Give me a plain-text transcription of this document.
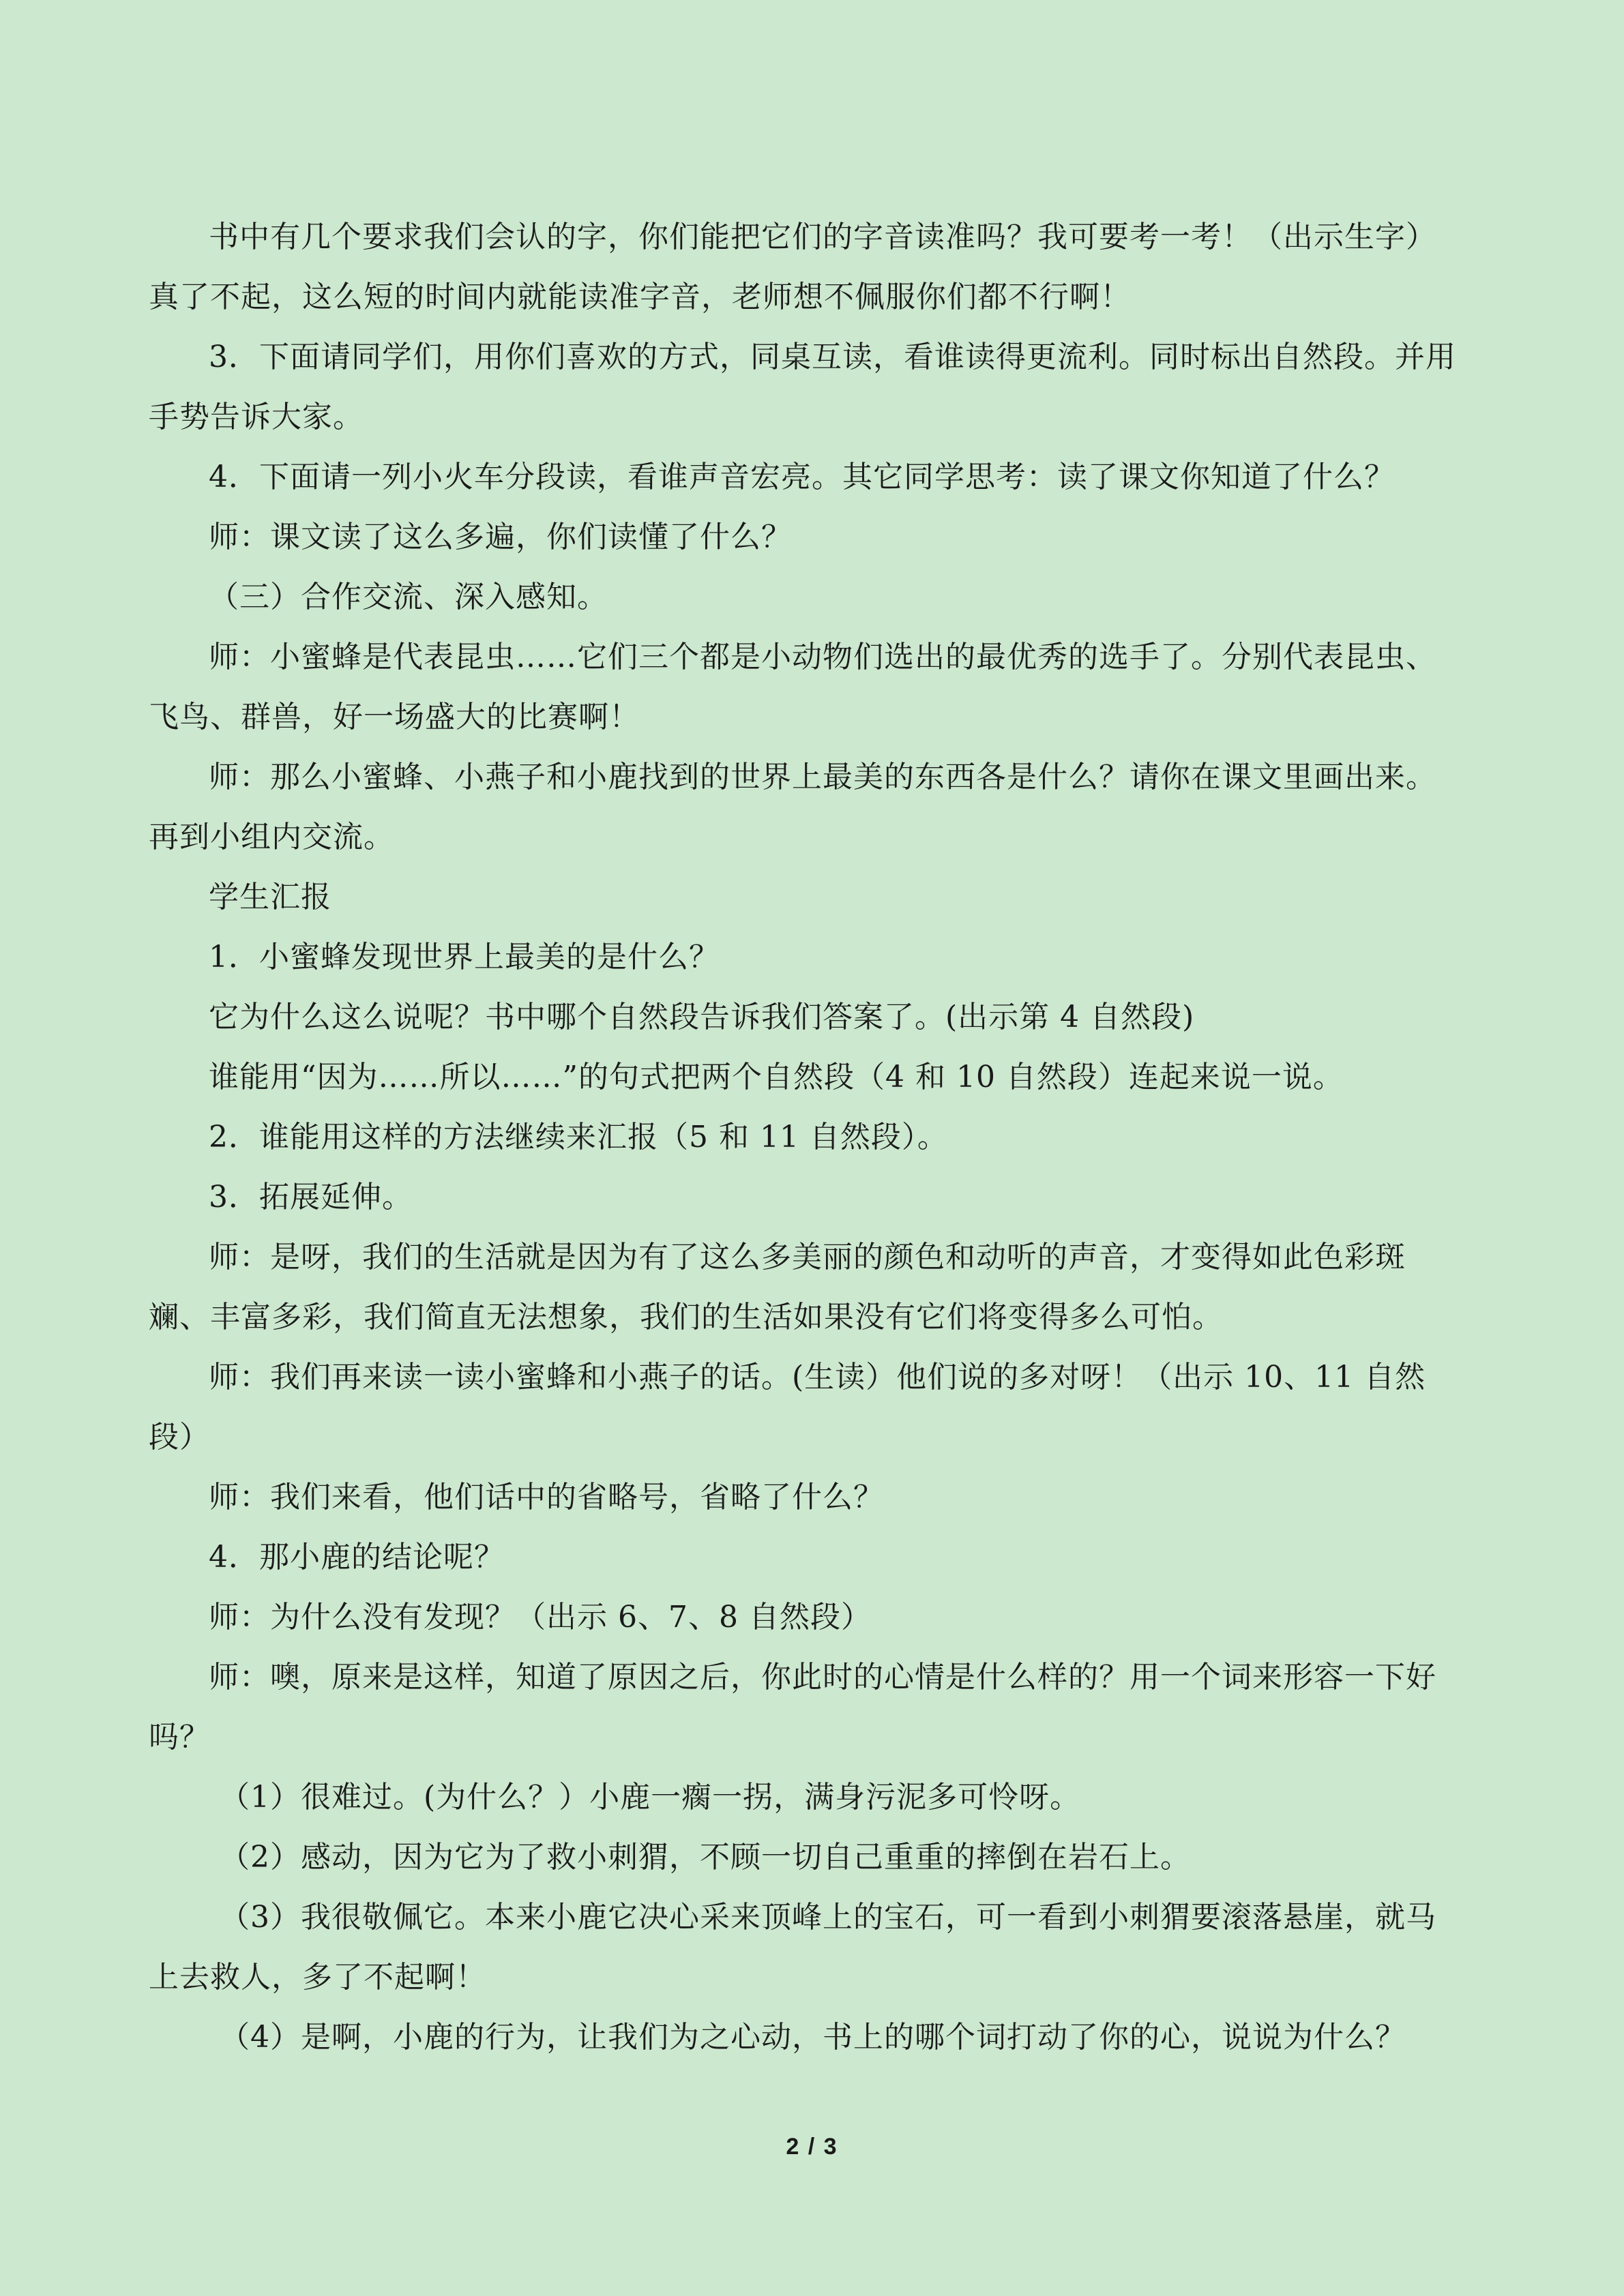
书中有几个要求我们会认的字，你们能把它们的字音读准吗？我可要考一考！（出示生字）真了不起，这么短的时间内就能读准字音，老师想不佩服你们都不行啊！

3．下面请同学们，用你们喜欢的方式，同桌互读，看谁读得更流利。同时标出自然段。并用手势告诉大家。

4．下面请一列小火车分段读，看谁声音宏亮。其它同学思考：读了课文你知道了什么？

师：课文读了这么多遍，你们读懂了什么？

（三）合作交流、深入感知。

师：小蜜蜂是代表昆虫……它们三个都是小动物们选出的最优秀的选手了。分别代表昆虫、飞鸟、群兽，好一场盛大的比赛啊！

师：那么小蜜蜂、小燕子和小鹿找到的世界上最美的东西各是什么？请你在课文里画出来。再到小组内交流。

学生汇报

1．小蜜蜂发现世界上最美的是什么？

它为什么这么说呢？书中哪个自然段告诉我们答案了。(出示第 4 自然段)

谁能用“因为……所以……”的句式把两个自然段（4 和 10 自然段）连起来说一说。

2．谁能用这样的方法继续来汇报（5 和 11 自然段）。

3．拓展延伸。

师：是呀，我们的生活就是因为有了这么多美丽的颜色和动听的声音，才变得如此色彩斑斓、丰富多彩，我们简直无法想象，我们的生活如果没有它们将变得多么可怕。

师：我们再来读一读小蜜蜂和小燕子的话。(生读）他们说的多对呀！（出示 10、11 自然段）

师：我们来看，他们话中的省略号，省略了什么？

4．那小鹿的结论呢？

师：为什么没有发现？（出示 6、7、8 自然段）

师：噢，原来是这样，知道了原因之后，你此时的心情是什么样的？用一个词来形容一下好吗？

（1）很难过。(为什么？）小鹿一瘸一拐，满身污泥多可怜呀。

（2）感动，因为它为了救小刺猬，不顾一切自己重重的摔倒在岩石上。

（3）我很敬佩它。本来小鹿它决心采来顶峰上的宝石，可一看到小刺猬要滚落悬崖，就马上去救人，多了不起啊！

（4）是啊，小鹿的行为，让我们为之心动，书上的哪个词打动了你的心，说说为什么？

2 / 3
